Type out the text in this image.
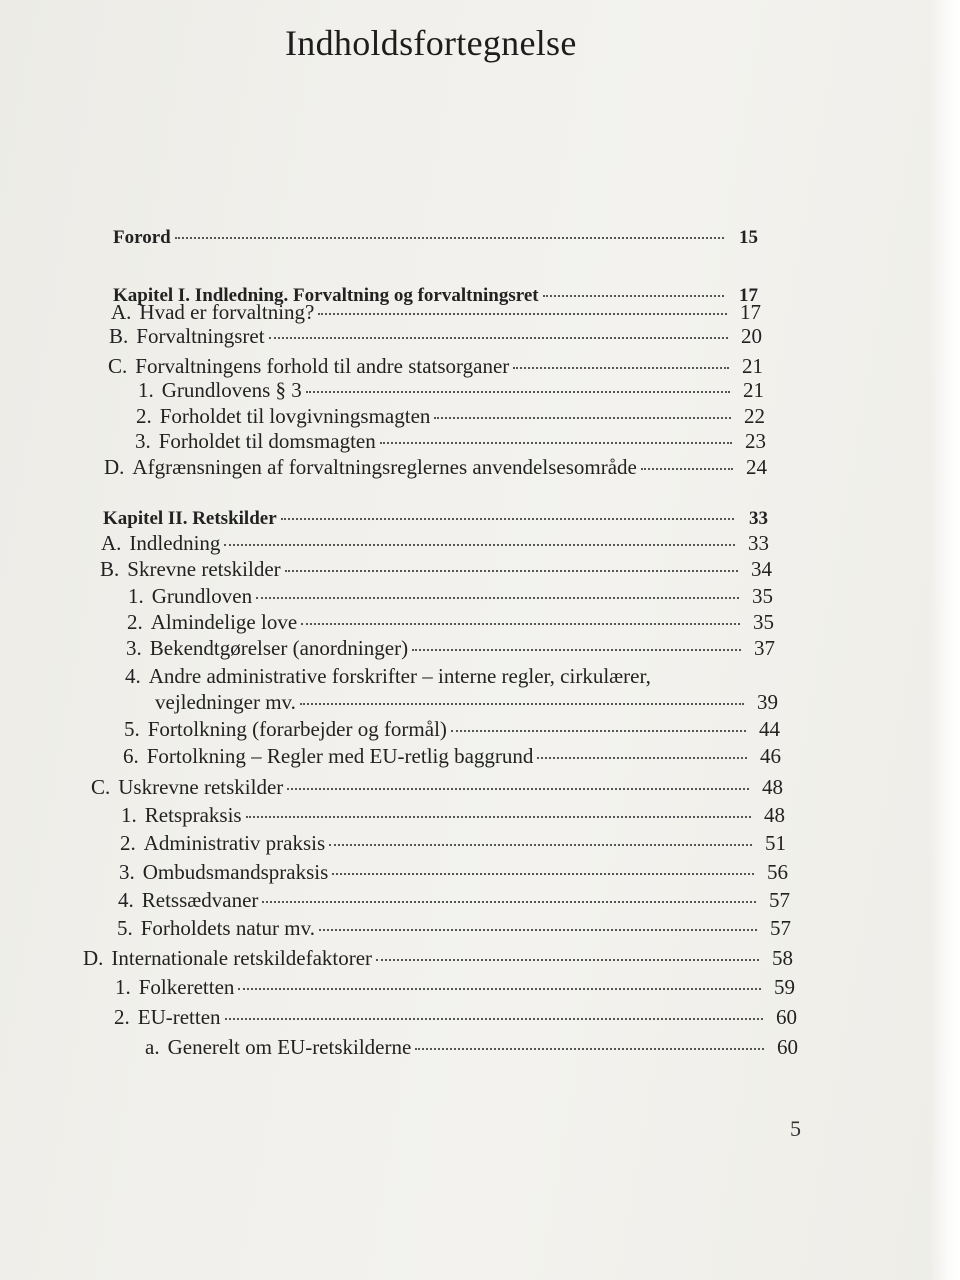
Indholdsfortegnelse
Forord	15
Kapitel I. Indledning. Forvaltning og forvaltningsret	17
A. Hvad er forvaltning?	17
B. Forvaltningsret	20
C. Forvaltningens forhold til andre statsorganer	21
1. Grundlovens § 3	21
2. Forholdet til lovgivningsmagten	22
3. Forholdet til domsmagten	23
D. Afgrænsningen af forvaltningsreglernes anvendelsesområde	24
Kapitel II. Retskilder	33
A. Indledning	33
B. Skrevne retskilder	34
1. Grundloven	35
2. Almindelige love	35
3. Bekendtgørelser (anordninger)	37
4. Andre administrative forskrifter – interne regler, cirkulærer,
vejledninger mv.	39
5. Fortolkning (forarbejder og formål)	44
6. Fortolkning – Regler med EU-retlig baggrund	46
C. Uskrevne retskilder	48
1. Retspraksis	48
2. Administrativ praksis	51
3. Ombudsmandspraksis	56
4. Retssædvaner	57
5. Forholdets natur mv.	57
D. Internationale retskildefaktorer	58
1. Folkeretten	59
2. EU-retten	60
a. Generelt om EU-retskilderne	60
5
